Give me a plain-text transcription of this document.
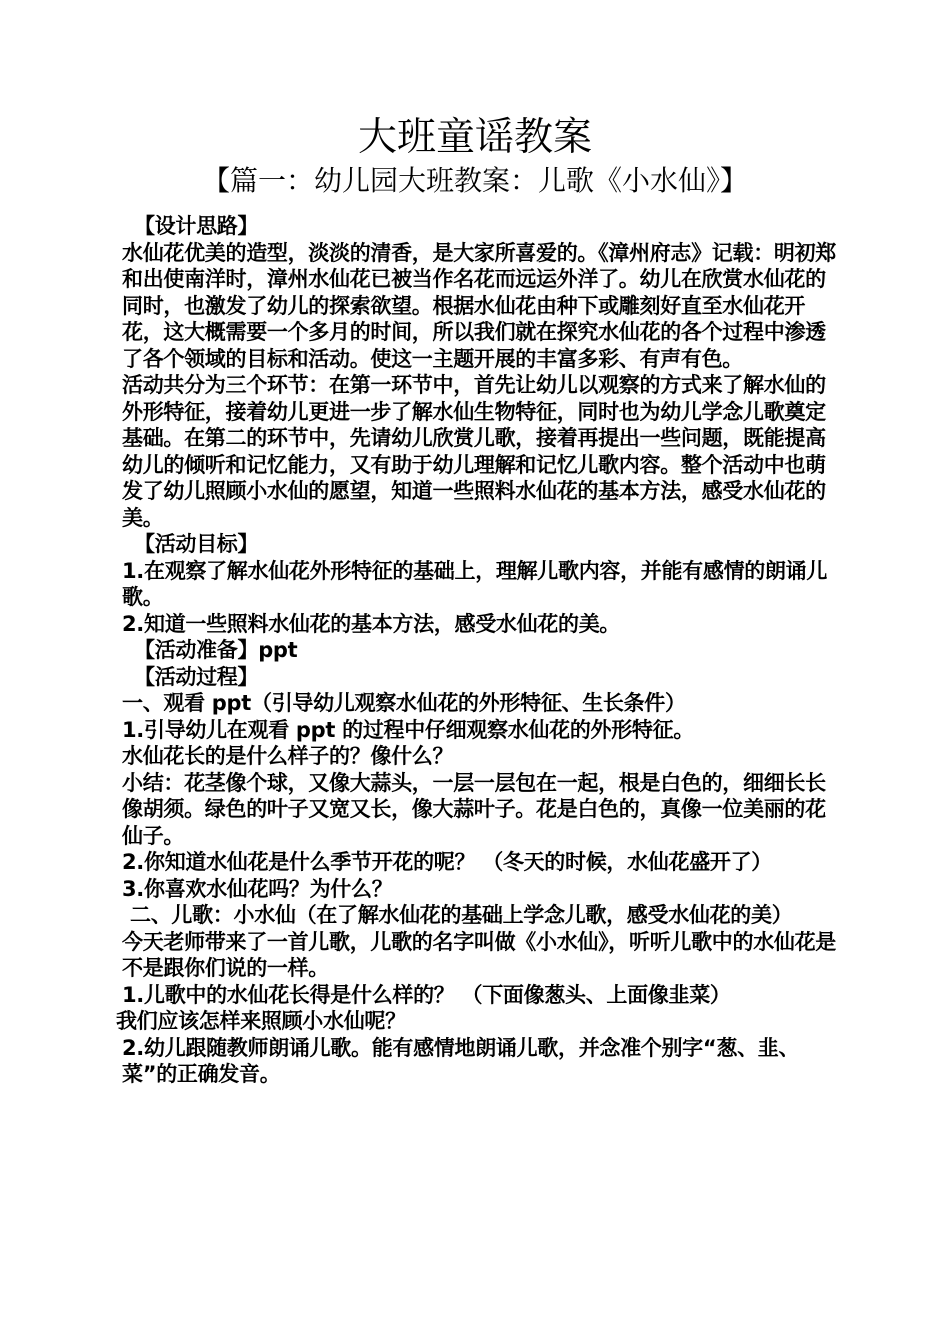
大班童谣教案
【篇一：幼儿园大班教案：儿歌《小水仙》】

【设计思路】

水仙花优美的造型，淡淡的清香，是大家所喜爱的。《漳州府志》记载：明初郑和出使南洋时，漳州水仙花已被当作名花而远运外洋了。幼儿在欣赏水仙花的同时，也激发了幼儿的探索欲望。根据水仙花由种下或雕刻好直至水仙花开花，这大概需要一个多月的时间，所以我们就在探究水仙花的各个过程中渗透了各个领域的目标和活动。使这一主题开展的丰富多彩、有声有色。

活动共分为三个环节：在第一环节中，首先让幼儿以观察的方式来了解水仙的外形特征，接着幼儿更进一步了解水仙生物特征，同时也为幼儿学念儿歌奠定基础。在第二的环节中，先请幼儿欣赏儿歌，接着再提出一些问题，既能提高幼儿的倾听和记忆能力，又有助于幼儿理解和记忆儿歌内容。整个活动中也萌发了幼儿照顾小水仙的愿望，知道一些照料水仙花的基本方法，感受水仙花的美。

【活动目标】

1.在观察了解水仙花外形特征的基础上，理解儿歌内容，并能有感情的朗诵儿歌。

2.知道一些照料水仙花的基本方法，感受水仙花的美。

【活动准备】ppt

【活动过程】

一、观看 ppt（引导幼儿观察水仙花的外形特征、生长条件）

1.引导幼儿在观看 ppt 的过程中仔细观察水仙花的外形特征。

水仙花长的是什么样子的？像什么？

小结：花茎像个球，又像大蒜头，一层一层包在一起，根是白色的，细细长长像胡须。绿色的叶子又宽又长，像大蒜叶子。花是白色的，真像一位美丽的花仙子。

2.你知道水仙花是什么季节开花的呢？ （冬天的时候，水仙花盛开了）

3.你喜欢水仙花吗？为什么？

二、儿歌：小水仙（在了解水仙花的基础上学念儿歌，感受水仙花的美）

今天老师带来了一首儿歌，儿歌的名字叫做《小水仙》，听听儿歌中的水仙花是不是跟你们说的一样。

1.儿歌中的水仙花长得是什么样的？ （下面像葱头、上面像韭菜）

我们应该怎样来照顾小水仙呢？

2.幼儿跟随教师朗诵儿歌。能有感情地朗诵儿歌，并念准个别字“葱、韭、菜”的正确发音。
